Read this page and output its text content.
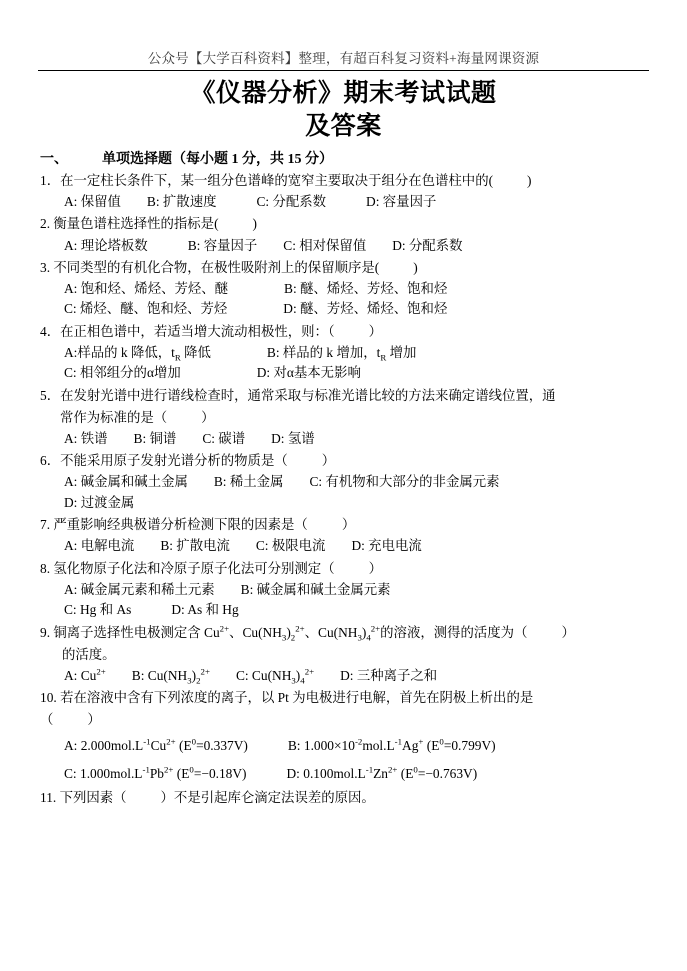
公众号【大学百科资料】整理，有超百科复习资料+海量网课资源
《仪器分析》期末考试试题
及答案
一、 单项选择题（每小题 1 分，共 15 分）
1．在一定柱长条件下，某一组分色谱峰的宽窄主要取决于组分在色谱柱中的(	)
A: 保留值 B: 扩散速度	C: 分配系数	D: 容量因子
2. 衡量色谱柱选择性的指标是(	)
A: 理论塔板数	B: 容量因子 C: 相对保留值 D: 分配系数
3. 不同类型的有机化合物，在极性吸附剂上的保留顺序是(	)
A: 饱和烃、烯烃、芳烃、醚	B: 醚、烯烃、芳烃、饱和烃
C: 烯烃、醚、饱和烃、芳烃	D: 醚、芳烃、烯烃、饱和烃
4．在正相色谱中，若适当增大流动相极性，则：（	）
A:样品的 k 降低，$t_R$ 降低	B: 样品的 k 增加，$t_R$ 增加
C: 相邻组分的α增加	D: 对α基本无影响
5．在发射光谱中进行谱线检查时，通常采取与标准光谱比较的方法来确定谱线位置，通
常作为标准的是（	）
A: 铁谱 B: 铜谱 C: 碳谱 D: 氢谱
6．不能采用原子发射光谱分析的物质是（	）
A: 碱金属和碱土金属 B: 稀土金属 C: 有机物和大部分的非金属元素
D: 过渡金属
7. 严重影响经典极谱分析检测下限的因素是（	）
A: 电解电流 B: 扩散电流 C: 极限电流 D: 充电电流
8. 氢化物原子化法和冷原子原子化法可分别测定（	）
A: 碱金属元素和稀土元素 B: 碱金属和碱土金属元素
C: Hg 和 As	D: As 和 Hg
9. 铜离子选择性电极测定含 $Cu^{2+}$、$Cu(NH_3)_2^{2+}$、$Cu(NH_3)_4^{2+}$的溶液，测得的活度为（	）
的活度。
A: $Cu^{2+}$ B: $Cu(NH_3)_2^{2+}$ C: $Cu(NH_3)_4^{2+}$ D: 三种离子之和
10. 若在溶液中含有下列浓度的离子，以 Pt 为电极进行电解，首先在阴极上析出的是
（	）
A: $2.000mol.L^{-1}Cu^{2+}$ $(E^0=0.337V)$	B: $1.000\times 10^{-2}mol.L^{-1}Ag^+$ $(E^0=0.799V)$
C: $1.000mol.L^{-1}Pb^{2+}$ $(E^0=-0.18V)$	D: $0.100mol.L^{-1}Zn^{2+}$ $(E^0=-0.763V)$
11. 下列因素（	）不是引起库仑滴定法误差的原因。
